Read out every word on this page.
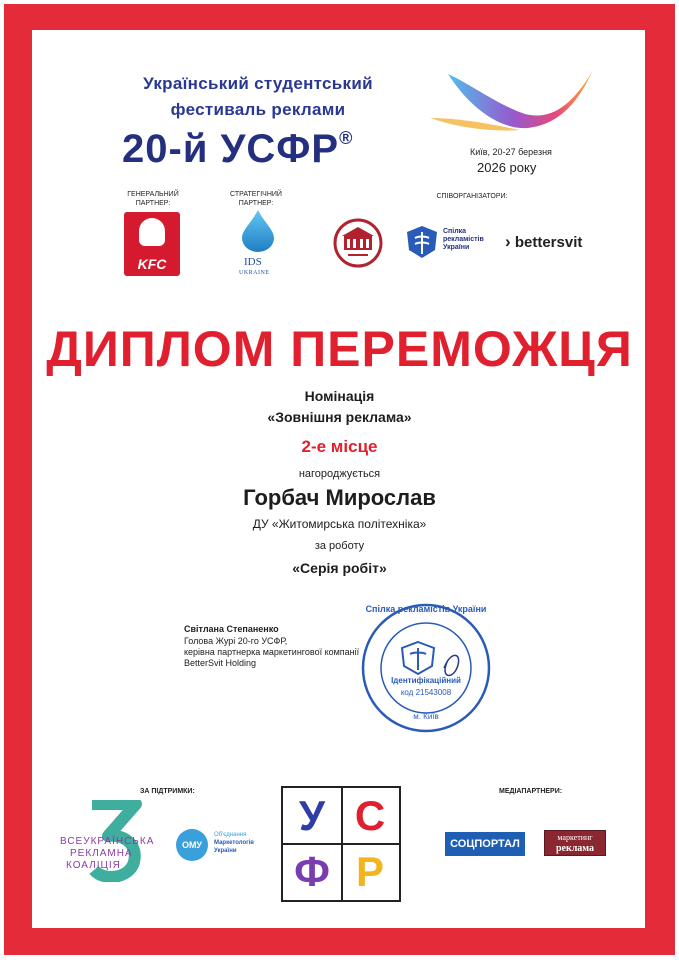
Український студентський
фестиваль реклами
20-й УСФР®
Київ, 20-27 березня
2026 року
ГЕНЕРАЛЬНИЙ ПАРТНЕР:
СТРАТЕГІЧНИЙ ПАРТНЕР:
СПІВОРГАНІЗАТОРИ:
KFC	IDS
UKRAINE
Спілка рекламістів України	› bettersvit
ДИПЛОМ ПЕРЕМОЖЦЯ
Номінація
«Зовнішня реклама»
2-е місце
нагороджується
Горбач Мирослав
ДУ «Житомирська політехніка»
за роботу
«Серія робіт»
Світлана Степаненко
Голова Журі 20-го УСФР,
керівна партнерка маркетингової компанії
BetterSvit Holding
Спілка рекламістів України
Ідентифікаційний
код 21543008
м. Київ
ЗА ПІДТРИМКИ:	МЕДІАПАРТНЕРИ:
ВСЕУКРАЇНСЬКА
РЕКЛАМНА
КОАЛІЦІЯ
ОМУ
Об'єднання
Маркетологів
України
У С
Ф Р
СОЦПОРТАЛ
маркетинг
реклама
